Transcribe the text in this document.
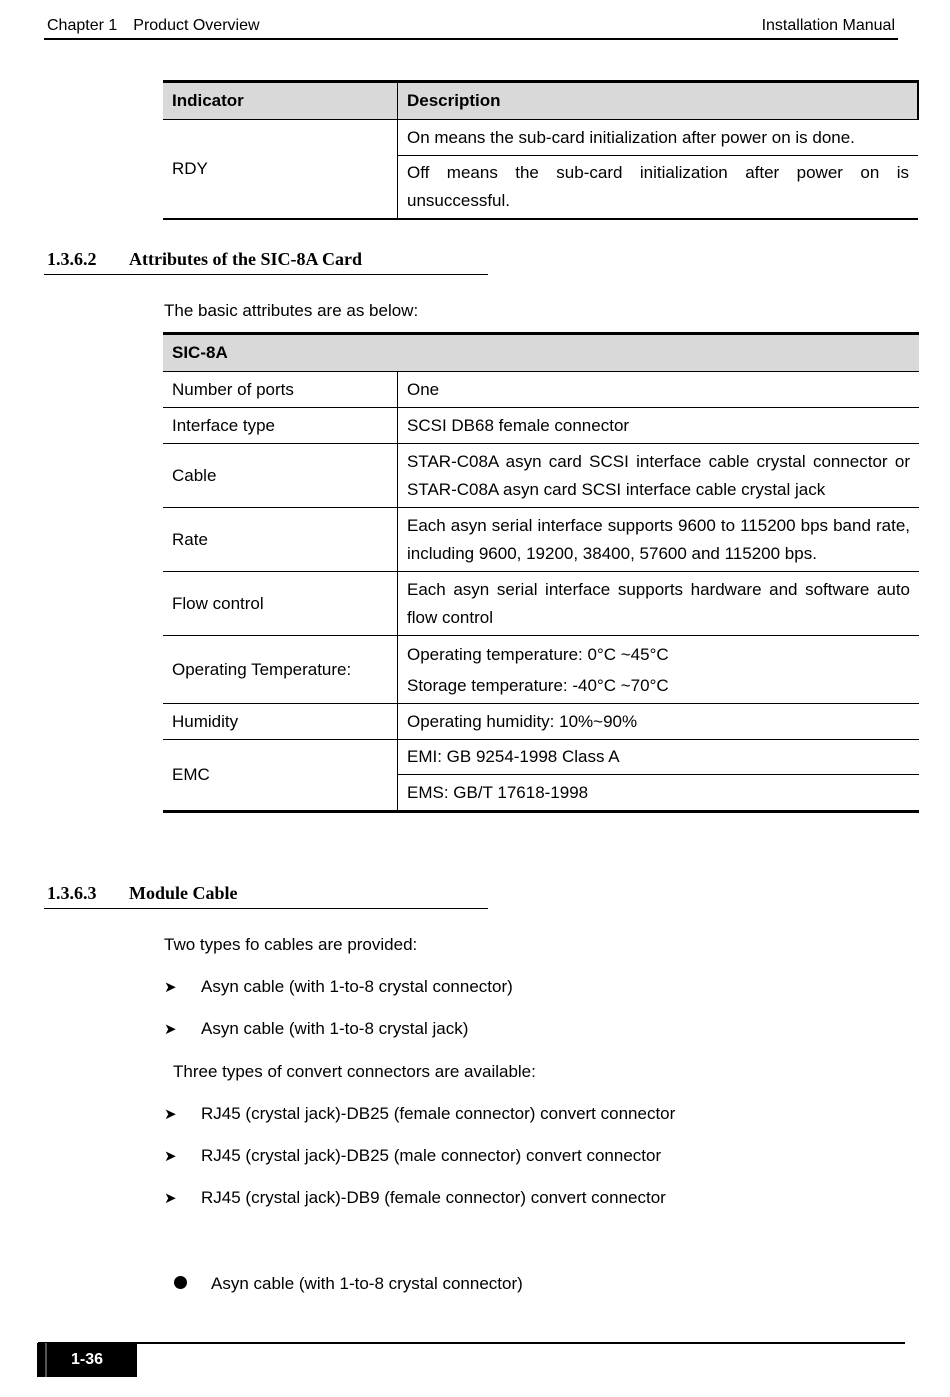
Chapter 1 Product Overview	Installation Manual
Indicator	Description
RDY	On means the sub-card initialization after power on is done.
	Off means the sub-card initialization after power on is unsuccessful.
1.3.6.2 Attributes of the SIC-8A Card
The basic attributes are as below:
SIC-8A	
Number of ports	One
Interface type	SCSI DB68 female connector
Cable	STAR-C08A asyn card SCSI interface cable crystal connector or STAR-C08A asyn card SCSI interface cable crystal jack
Rate	Each asyn serial interface supports 9600 to 115200 bps band rate, including 9600, 19200, 38400, 57600 and 115200 bps.
Flow control	Each asyn serial interface supports hardware and software auto flow control
Operating Temperature:	Operating temperature: 0°C ~45°C
Storage temperature: -40°C ~70°C

Humidity	Operating humidity: 10%~90%
EMC	EMI: GB 9254-1998 Class A
	EMS: GB/T 17618-1998
1.3.6.3 Module Cable
Two types fo cables are provided:
➤ Asyn cable (with 1-to-8 crystal connector)
➤ Asyn cable (with 1-to-8 crystal jack)
Three types of convert connectors are available:
➤ RJ45 (crystal jack)-DB25 (female connector) convert connector
➤ RJ45 (crystal jack)-DB25 (male connector) convert connector
➤ RJ45 (crystal jack)-DB9 (female connector) convert connector
Asyn cable (with 1-to-8 crystal connector)
1-36
